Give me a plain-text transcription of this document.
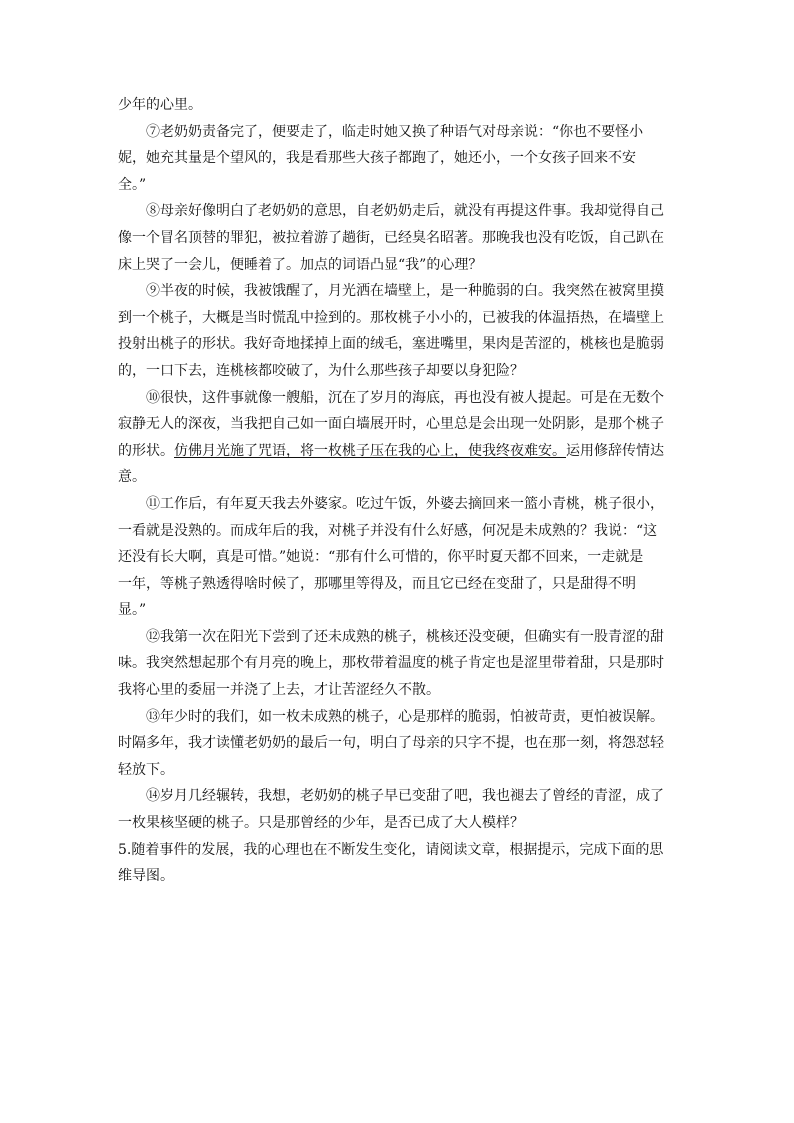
少年的心里。
⑦老奶奶责备完了，便要走了，临走时她又换了种语气对母亲说：“你也不要怪小
妮，她充其量是个望风的，我是看那些大孩子都跑了，她还小，一个女孩子回来不安
全。”
⑧母亲好像明白了老奶奶的意思，自老奶奶走后，就没有再提这件事。我却觉得自己
像一个冒名顶替的罪犯，被拉着游了趟街，已经臭名昭著。那晚我也没有吃饭，自己趴在
床上哭了一会儿，便睡着了。加点的词语凸显“我”的心理？
⑨半夜的时候，我被饿醒了，月光洒在墙壁上，是一种脆弱的白。我突然在被窝里摸
到一个桃子，大概是当时慌乱中捡到的。那枚桃子小小的，已被我的体温捂热，在墙壁上
投射出桃子的形状。我好奇地揉掉上面的绒毛，塞进嘴里，果肉是苦涩的，桃核也是脆弱
的，一口下去，连桃核都咬破了，为什么那些孩子却要以身犯险？
⑩很快，这件事就像一艘船，沉在了岁月的海底，再也没有被人提起。可是在无数个
寂静无人的深夜，当我把自己如一面白墙展开时，心里总是会出现一处阴影，是那个桃子
的形状。仿佛月光施了咒语，将一枚桃子压在我的心上，使我终夜难安。运用修辞传情达
意。
⑪工作后，有年夏天我去外婆家。吃过午饭，外婆去摘回来一篮小青桃，桃子很小，
一看就是没熟的。而成年后的我，对桃子并没有什么好感，何况是未成熟的？我说：“这
还没有长大啊，真是可惜。”她说：“那有什么可惜的，你平时夏天都不回来，一走就是
一年，等桃子熟透得啥时候了，那哪里等得及，而且它已经在变甜了，只是甜得不明
显。”
⑫我第一次在阳光下尝到了还未成熟的桃子，桃核还没变硬，但确实有一股青涩的甜
味。我突然想起那个有月亮的晚上，那枚带着温度的桃子肯定也是涩里带着甜，只是那时
我将心里的委屈一并浇了上去，才让苦涩经久不散。
⑬年少时的我们，如一枚未成熟的桃子，心是那样的脆弱，怕被苛责，更怕被误解。
时隔多年，我才读懂老奶奶的最后一句，明白了母亲的只字不提，也在那一刻，将怨怼轻
轻放下。
⑭岁月几经辗转，我想，老奶奶的桃子早已变甜了吧，我也褪去了曾经的青涩，成了
一枚果核坚硬的桃子。只是那曾经的少年，是否已成了大人模样？
5.随着事件的发展，我的心理也在不断发生变化，请阅读文章，根据提示，完成下面的思
维导图。
